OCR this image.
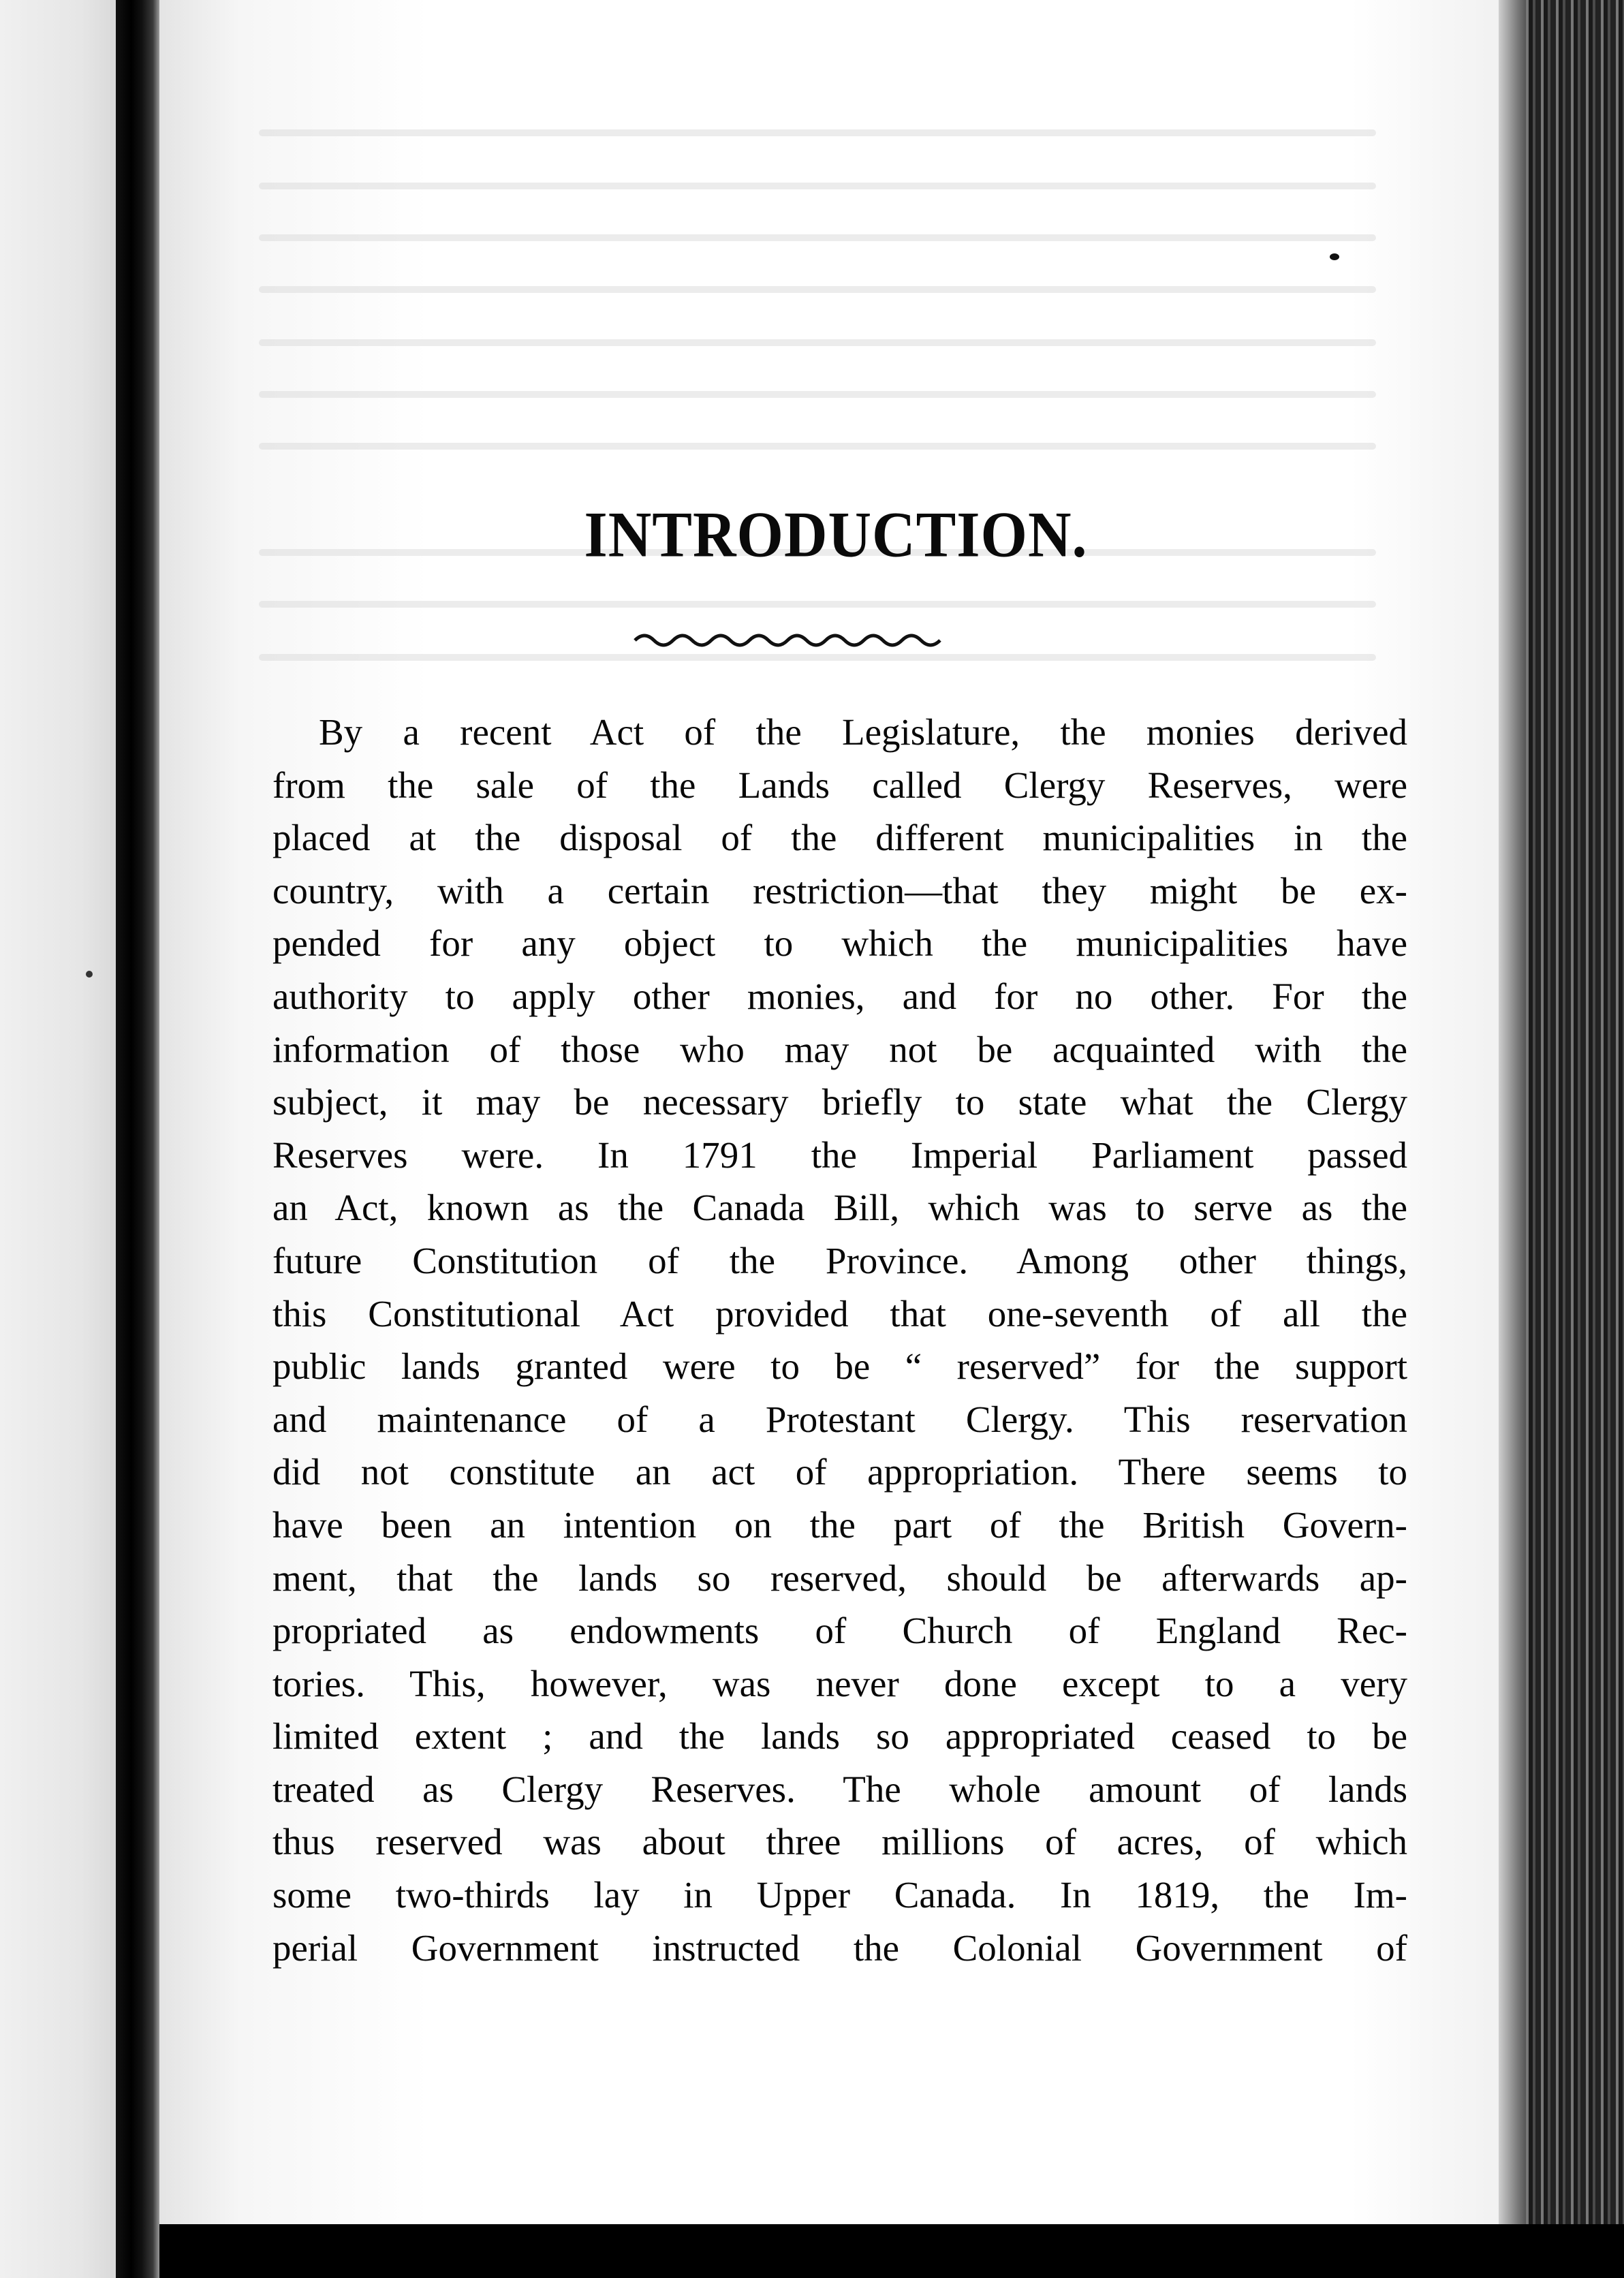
INTRODUCTION.
By a recent Act of the Legislature, the monies derived
from the sale of the Lands called Clergy Reserves, were
placed at the disposal of the different municipalities in the
country, with a certain restriction—that they might be ex-
pended for any object to which the municipalities have
authority to apply other monies, and for no other. For the
information of those who may not be acquainted with the
subject, it may be necessary briefly to state what the Clergy
Reserves were. In 1791 the Imperial Parliament passed
an Act, known as the Canada Bill, which was to serve as the
future Constitution of the Province. Among other things,
this Constitutional Act provided that one-seventh of all the
public lands granted were to be “ reserved” for the support
and maintenance of a Protestant Clergy. This reservation
did not constitute an act of appropriation. There seems to
have been an intention on the part of the British Govern-
ment, that the lands so reserved, should be afterwards ap-
propriated as endowments of Church of England Rec-
tories. This, however, was never done except to a very
limited extent ; and the lands so appropriated ceased to be
treated as Clergy Reserves. The whole amount of lands
thus reserved was about three millions of acres, of which
some two-thirds lay in Upper Canada. In 1819, the Im-
perial Government instructed the Colonial Government of
